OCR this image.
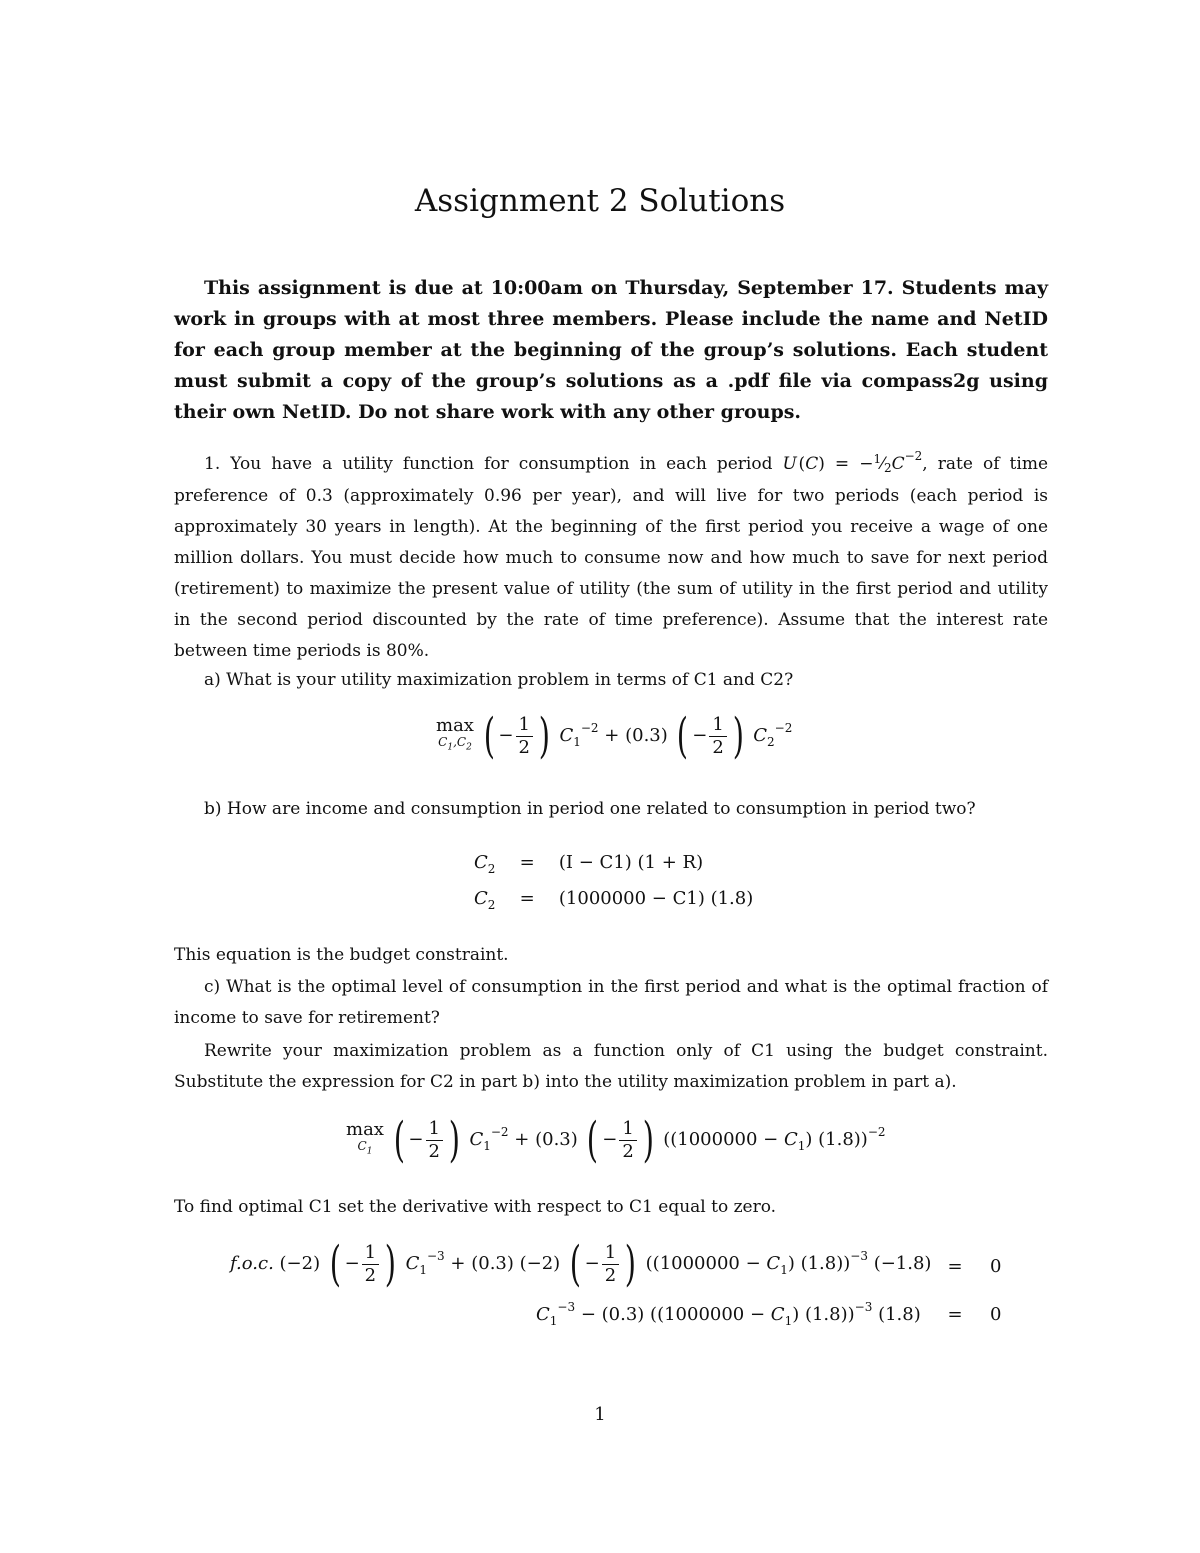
Assignment 2 Solutions
This assignment is due at 10:00am on Thursday, September 17. Students may work in groups with at most three members. Please include the name and NetID for each group member at the beginning of the group’s solutions. Each student must submit a copy of the group’s solutions as a .pdf file via compass2g using their own NetID. Do not share work with any other groups.
1. You have a utility function for consumption in each period U $(C) = -^1⁄2C^{-2}$, rate of time preference of 0.3 (approximately 0.96 per year), and will live for two periods (each period is approximately 30 years in length). At the beginning of the first period you receive a wage of one million dollars. You must decide how much to consume now and how much to save for next period (retirement) to maximize the present value of utility (the sum of utility in the first period and utility in the second period discounted by the rate of time preference). Assume that the interest rate between time periods is 80%.
a) What is your utility maximization problem in terms of C1 and C2?
max
$C_1,C_2$ ( − $\frac{1}{2}$ ) $C_1^{-2} + (0.3)$ ( − $\frac{1}{2}$ ) $C_2^{-2}$
b) How are income and consumption in period one related to consumption in period two?
$C_2 = (I - C1) (1 + R)$
$C_2 = (1000000 - C1)$ (1.8)
This equation is the budget constraint.
c) What is the optimal level of consumption in the first period and what is the optimal fraction of income to save for retirement?
Rewrite your maximization problem as a function only of C1 using the budget constraint. Substitute the expression for C2 in part b) into the utility maximization problem in part a).
max
$C_1$ ( − $\frac{1}{2}$ ) $C_1^{-2} + (0.3)$ ( − $\frac{1}{2}$ ) ($(1000000 - C_1)$ (1.8))$^{-2}$
To find optimal C1 set the derivative with respect to C1 equal to zero.
f.o.c. (−2) ( − $\frac{1}{2}$ ) $C_1^{-3} + (0.3)$ (−2) ( − $\frac{1}{2}$ ) ($(1000000 - C_1)$ (1.8))$^{-3}$ (−1.8) = 0
$C_1^{-3} - (0.3) ((1000000 - C_1)$ (1.8))$^{-3}$ (1.8)	= 0
1
